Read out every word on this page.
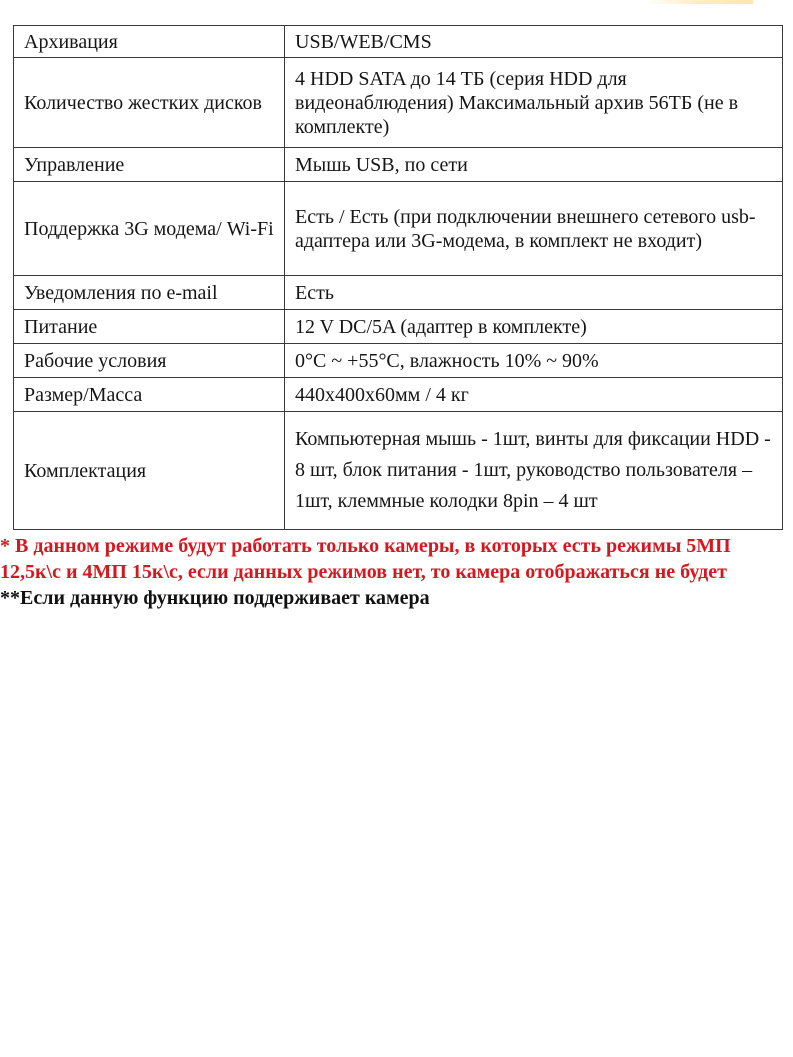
Архивация	USB/WEB/CMS
Количество жестких дисков	4 HDD SATA до 14 ТБ (серия HDD для видеонаблюдения) Максимальный архив 56ТБ (не в комплекте)
Управление	Мышь USB, по сети
Поддержка 3G модема/ Wi-Fi	Есть / Есть (при подключении внешнего сетевого usb-адаптера или 3G-модема, в комплект не входит)
Уведомления по e-mail	Есть
Питание	12 V DC/5A (адаптер в комплекте)
Рабочие условия	0°C ~ +55°C, влажность 10% ~ 90%
Размер/Масса	440x400x60мм / 4 кг
Комплектация	Компьютерная мышь - 1шт, винты для фиксации HDD - 8 шт, блок питания - 1шт, руководство пользователя – 1шт, клеммные колодки 8pin – 4 шт
* В данном режиме будут работать только камеры, в которых есть режимы 5МП 12,5к\с и 4МП 15к\с, если данных режимов нет, то камера отображаться не будет
**Если данную функцию поддерживает камера
